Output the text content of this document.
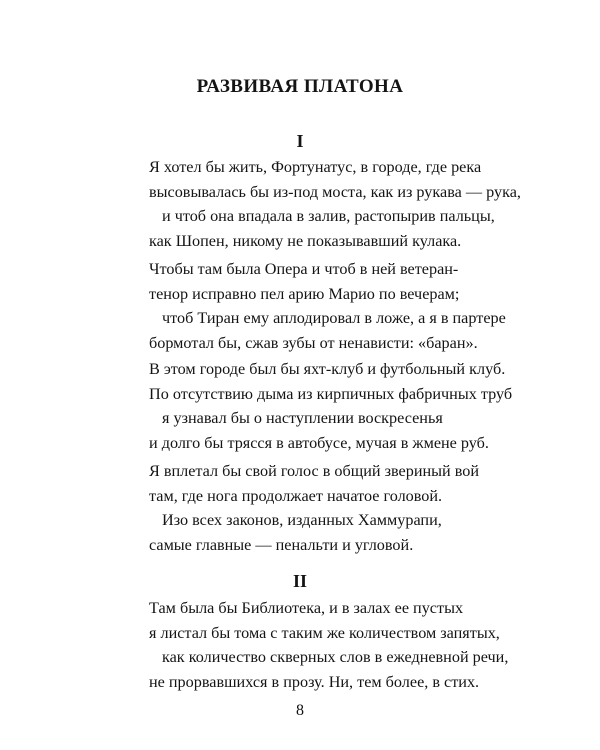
РАЗВИВАЯ ПЛАТОНА
I
Я хотел бы жить, Фортунатус, в городе, где река
высовывалась бы из-под моста, как из рукава — рука,
и чтоб она впадала в залив, растопырив пальцы,
как Шопен, никому не показывавший кулака.
Чтобы там была Опера и чтоб в ней ветеран-
тенор исправно пел арию Марио по вечерам;
чтоб Тиран ему аплодировал в ложе, а я в партере
бормотал бы, сжав зубы от ненависти: «баран».
В этом городе был бы яхт-клуб и футбольный клуб.
По отсутствию дыма из кирпичных фабричных труб
я узнавал бы о наступлении воскресенья
и долго бы трясся в автобусе, мучая в жмене руб.
Я вплетал бы свой голос в общий звериный вой
там, где нога продолжает начатое головой.
Изо всех законов, изданных Хаммурапи,
самые главные — пенальти и угловой.
II
Там была бы Библиотека, и в залах ее пустых
я листал бы тома с таким же количеством запятых,
как количество скверных слов в ежедневной речи,
не прорвавшихся в прозу. Ни, тем более, в стих.
8
